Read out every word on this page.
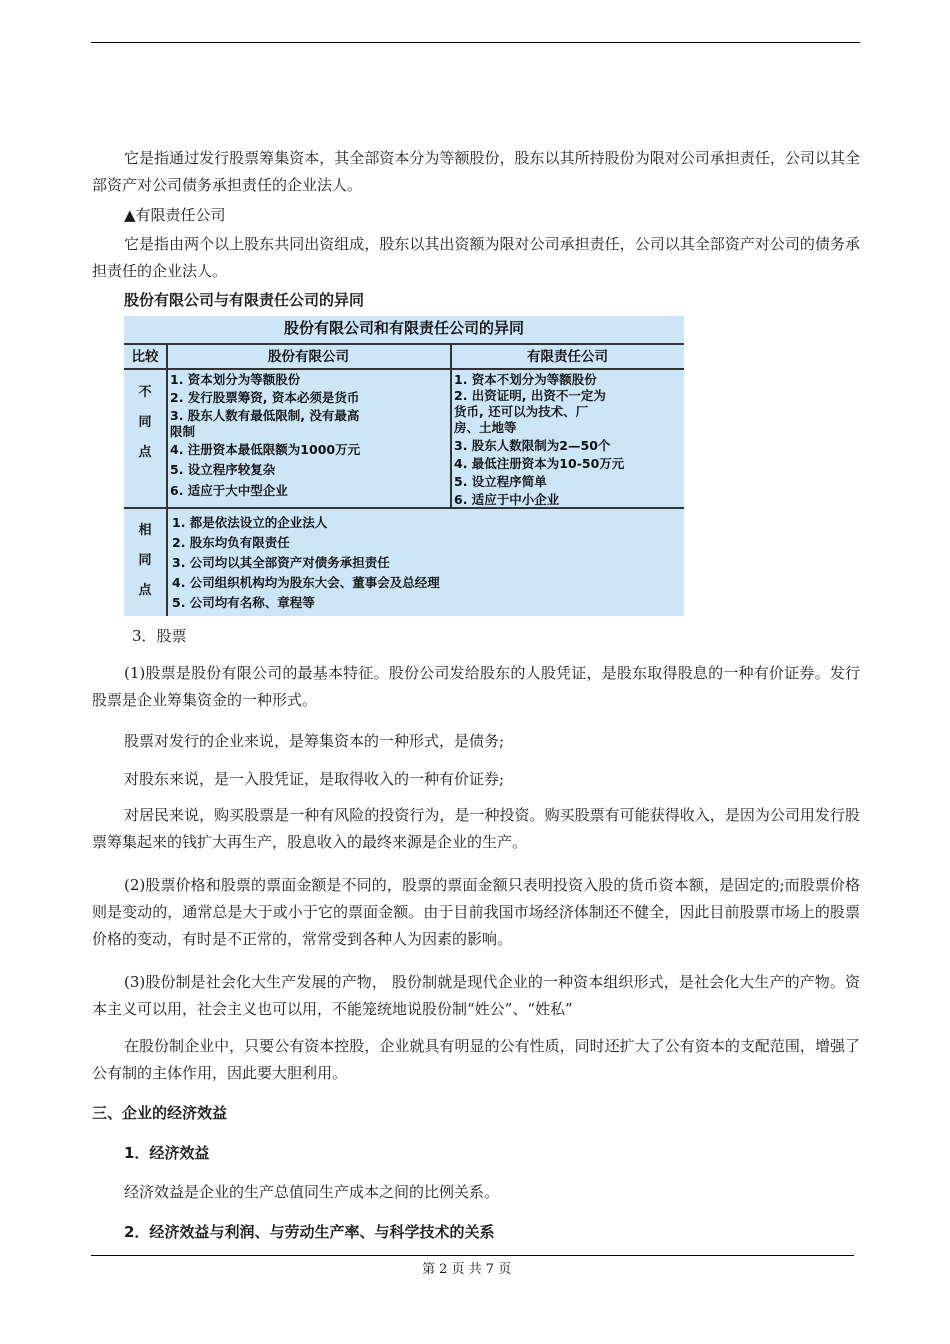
它是指通过发行股票筹集资本，其全部资本分为等额股份，股东以其所持股份为限对公司承担责任，公司以其全部资产对公司债务承担责任的企业法人。
▲有限责任公司
它是指由两个以上股东共同出资组成，股东以其出资额为限对公司承担责任，公司以其全部资产对公司的债务承担责任的企业法人。
股份有限公司与有限责任公司的异同
股份有限公司和有限责任公司的异同
比较	股份有限公司	有限责任公司
不
同
点
相
同
点
1. 资本划分为等额股份
2. 发行股票筹资, 资本必须是货币
3. 股东人数有最低限制, 没有最高
限制
4. 注册资本最低限额为1000万元
5. 设立程序较复杂
6. 适应于大中型企业
1. 资本不划分为等额股份
2. 出资证明, 出资不一定为
货币, 还可以为技术、厂
房、土地等
3. 股东人数限制为2—50个
4. 最低注册资本为10-50万元
5. 设立程序简单
6. 适应于中小企业
1. 都是依法设立的企业法人
2. 股东均负有限责任
3. 公司均以其全部资产对债务承担责任
4. 公司组织机构均为股东大会、董事会及总经理
5. 公司均有名称、章程等
3．股票
(1)股票是股份有限公司的最基本特征。股份公司发给股东的人股凭证，是股东取得股息的一种有价证券。发行股票是企业筹集资金的一种形式。
股票对发行的企业来说，是筹集资本的一种形式，是债务;
对股东来说，是一入股凭证，是取得收入的一种有价证券;
对居民来说，购买股票是一种有风险的投资行为，是一种投资。购买股票有可能获得收入，是因为公司用发行股票筹集起来的钱扩大再生产，股息收入的最终来源是企业的生产。
(2)股票价格和股票的票面金额是不同的，股票的票面金额只表明投资入股的货币资本额，是固定的;而股票价格则是变动的，通常总是大于或小于它的票面金额。由于目前我国市场经济体制还不健全，因此目前股票市场上的股票价格的变动，有时是不正常的，常常受到各种人为因素的影响。
(3)股份制是社会化大生产发展的产物， 股份制就是现代企业的一种资本组织形式，是社会化大生产的产物。资本主义可以用，社会主义也可以用，不能笼统地说股份制“姓公”、“姓私”
在股份制企业中，只要公有资本控股，企业就具有明显的公有性质，同时还扩大了公有资本的支配范围，增强了公有制的主体作用，因此要大胆利用。
三、企业的经济效益
1．经济效益
经济效益是企业的生产总值同生产成本之间的比例关系。
2．经济效益与利润、与劳动生产率、与科学技术的关系
第 2 页 共 7 页
